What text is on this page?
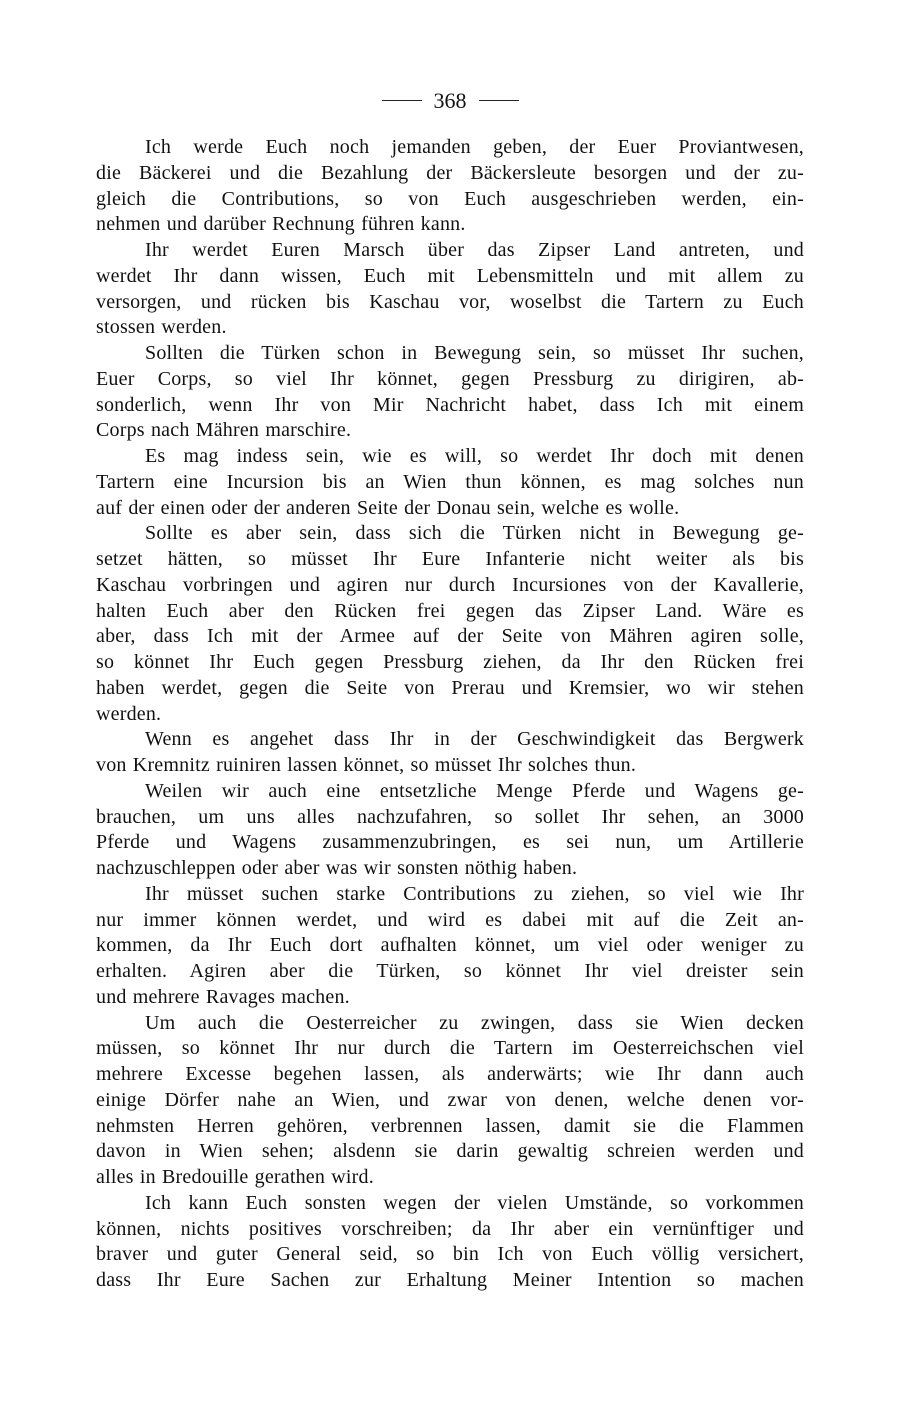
368
Ich werde Euch noch jemanden geben, der Euer Proviantwesen,
die Bäckerei und die Bezahlung der Bäckersleute besorgen und der zu-
gleich die Contributions, so von Euch ausgeschrieben werden, ein-
nehmen und darüber Rechnung führen kann.
Ihr werdet Euren Marsch über das Zipser Land antreten, und
werdet Ihr dann wissen, Euch mit Lebensmitteln und mit allem zu
versorgen, und rücken bis Kaschau vor, woselbst die Tartern zu Euch
stossen werden.
Sollten die Türken schon in Bewegung sein, so müsset Ihr suchen,
Euer Corps, so viel Ihr könnet, gegen Pressburg zu dirigiren, ab-
sonderlich, wenn Ihr von Mir Nachricht habet, dass Ich mit einem
Corps nach Mähren marschire.
Es mag indess sein, wie es will, so werdet Ihr doch mit denen
Tartern eine Incursion bis an Wien thun können, es mag solches nun
auf der einen oder der anderen Seite der Donau sein, welche es wolle.
Sollte es aber sein, dass sich die Türken nicht in Bewegung ge-
setzet hätten, so müsset Ihr Eure Infanterie nicht weiter als bis
Kaschau vorbringen und agiren nur durch Incursiones von der Kavallerie,
halten Euch aber den Rücken frei gegen das Zipser Land. Wäre es
aber, dass Ich mit der Armee auf der Seite von Mähren agiren solle,
so könnet Ihr Euch gegen Pressburg ziehen, da Ihr den Rücken frei
haben werdet, gegen die Seite von Prerau und Kremsier, wo wir stehen
werden.
Wenn es angehet dass Ihr in der Geschwindigkeit das Bergwerk
von Kremnitz ruiniren lassen könnet, so müsset Ihr solches thun.
Weilen wir auch eine entsetzliche Menge Pferde und Wagens ge-
brauchen, um uns alles nachzufahren, so sollet Ihr sehen, an 3000
Pferde und Wagens zusammenzubringen, es sei nun, um Artillerie
nachzuschleppen oder aber was wir sonsten nöthig haben.
Ihr müsset suchen starke Contributions zu ziehen, so viel wie Ihr
nur immer können werdet, und wird es dabei mit auf die Zeit an-
kommen, da Ihr Euch dort aufhalten könnet, um viel oder weniger zu
erhalten. Agiren aber die Türken, so könnet Ihr viel dreister sein
und mehrere Ravages machen.
Um auch die Oesterreicher zu zwingen, dass sie Wien decken
müssen, so könnet Ihr nur durch die Tartern im Oesterreichschen viel
mehrere Excesse begehen lassen, als anderwärts; wie Ihr dann auch
einige Dörfer nahe an Wien, und zwar von denen, welche denen vor-
nehmsten Herren gehören, verbrennen lassen, damit sie die Flammen
davon in Wien sehen; alsdenn sie darin gewaltig schreien werden und
alles in Bredouille gerathen wird.
Ich kann Euch sonsten wegen der vielen Umstände, so vorkommen
können, nichts positives vorschreiben; da Ihr aber ein vernünftiger und
braver und guter General seid, so bin Ich von Euch völlig versichert,
dass Ihr Eure Sachen zur Erhaltung Meiner Intention so machen
